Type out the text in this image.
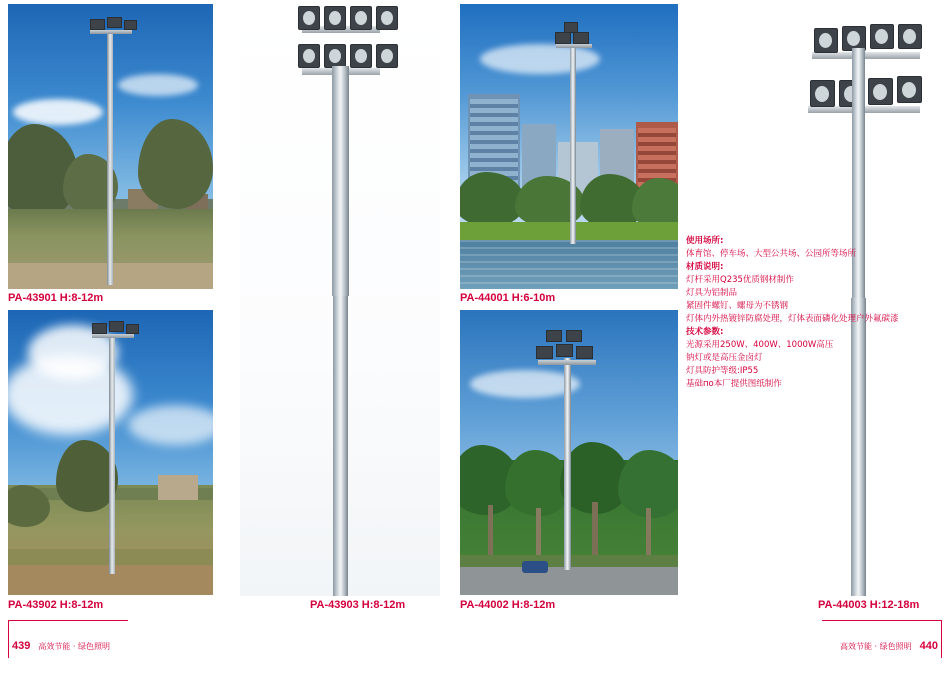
PA-43901 H:8-12m
PA-43902 H:8-12m	PA-43903 H:8-12m
PA-44001 H:6-10m
PA-44002 H:8-12m	PA-44003 H:12-18m
使用场所:
体育馆、停车场、大型公共场、公园所等场所
材质说明:
灯杆采用Q235优质钢材制作
灯具为铝制品
紧固件螺钉、螺母为不锈钢
灯体内外热镀锌防腐处理，灯体表面磷化处理户外氟碳漆
技术参数:
光源采用250W、400W、1000W高压
钠灯或是高压金卤灯
灯具防护等级:IP55
基础по本厂提供图纸制作
439	高效节能 · 绿色照明	高效节能 · 绿色照明 440
